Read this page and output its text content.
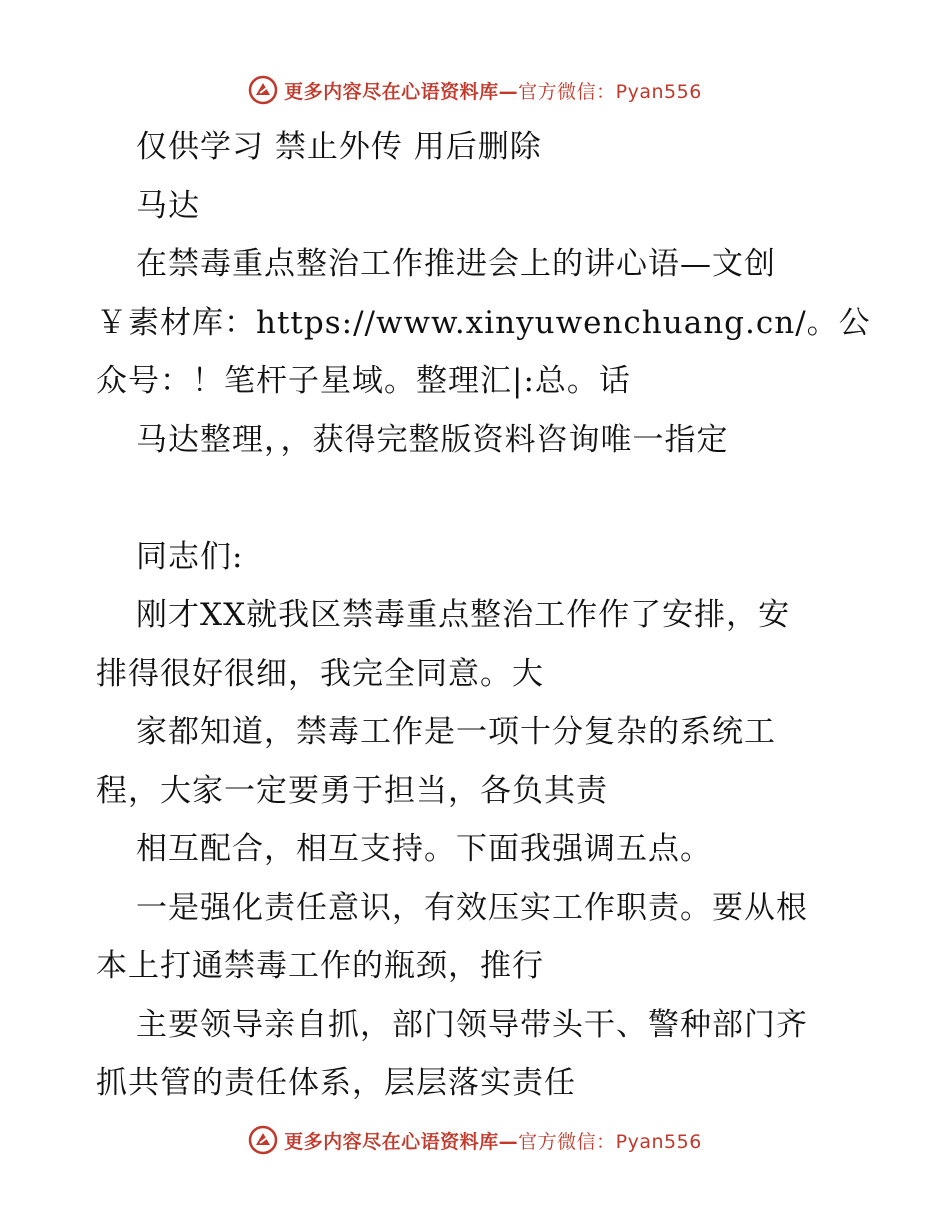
更多内容尽在心语资料库—官方微信：Pyan556
仅供学习 禁止外传 用后删除
马达
在禁毒重点整治工作推进会上的讲心语—文创
￥素材库：https://www.xinyuwenchuang.cn/。公
众号：！笔杆子星域。整理汇|:总。话
马达整理，，获得完整版资料咨询唯一指定
同志们:
刚才XX就我区禁毒重点整治工作作了安排，安
排得很好很细，我完全同意。大
家都知道，禁毒工作是一项十分复杂的系统工
程，大家一定要勇于担当，各负其责
相互配合，相互支持。下面我强调五点。
一是强化责任意识，有效压实工作职责。要从根
本上打通禁毒工作的瓶颈，推行
主要领导亲自抓，部门领导带头干、警种部门齐
抓共管的责任体系，层层落实责任
更多内容尽在心语资料库—官方微信：Pyan556
